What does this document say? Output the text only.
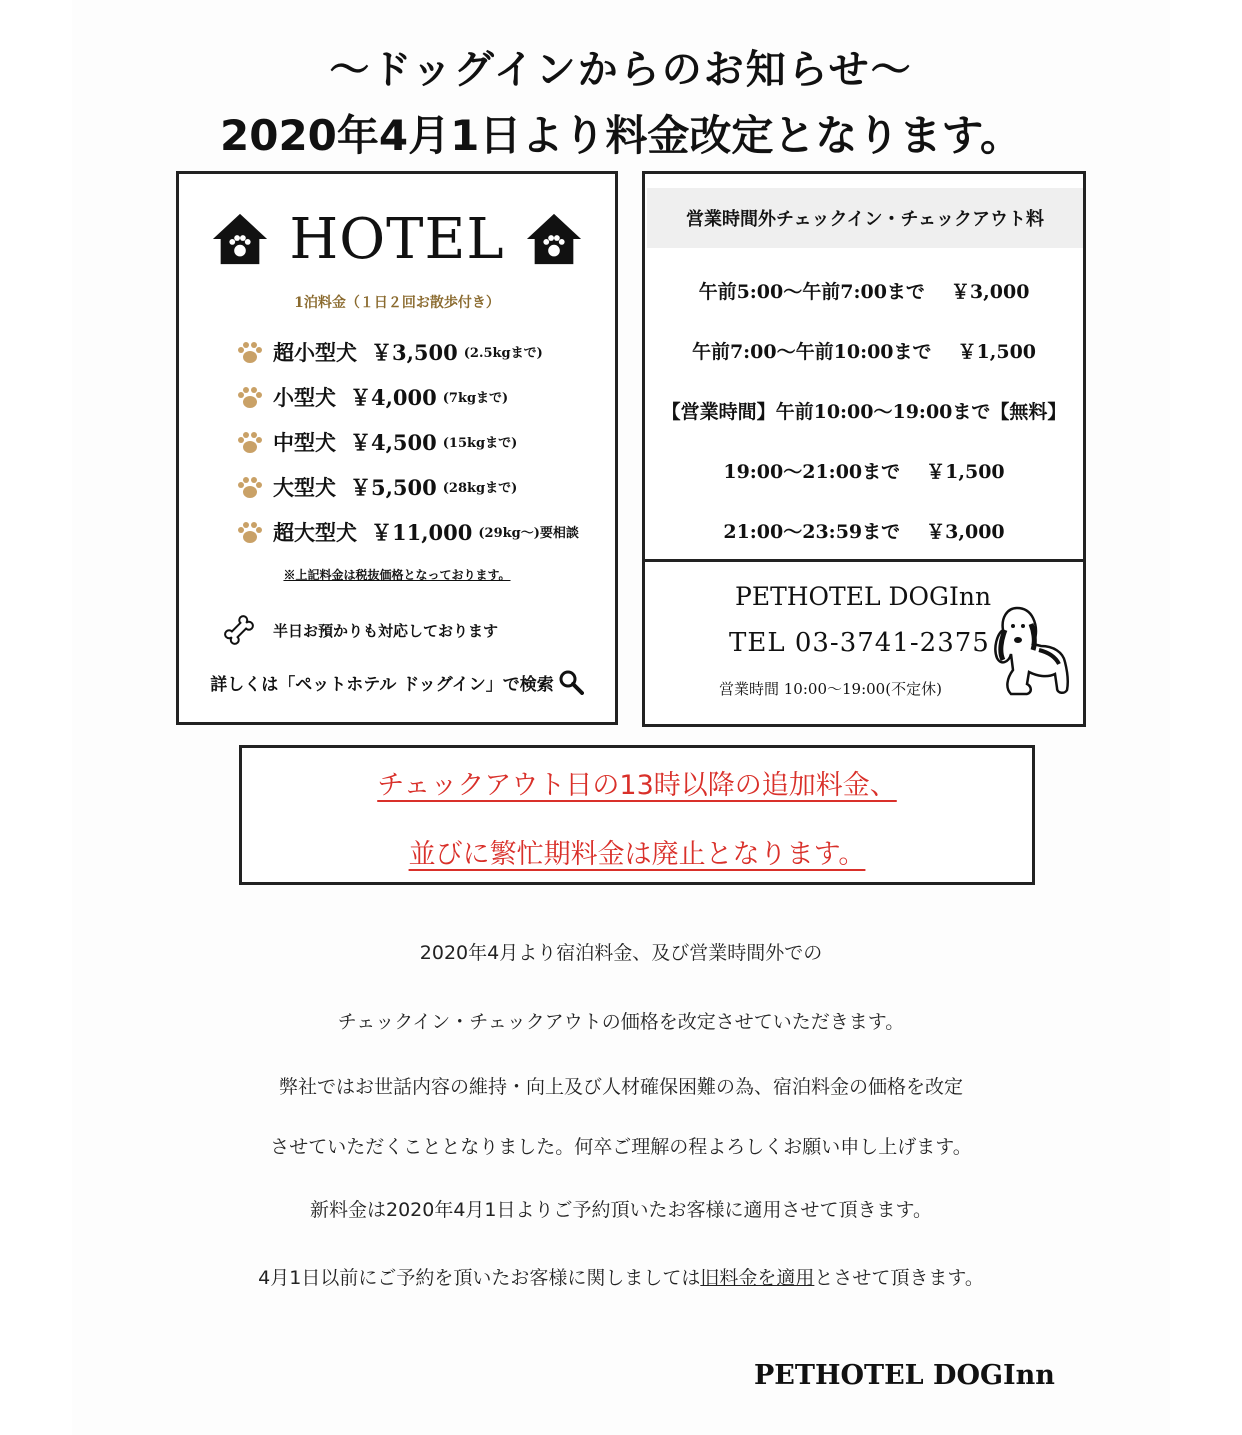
〜ドッグインからのお知らせ〜
2020年4月1日より料金改定となります。
HOTEL
1泊料金（１日２回お散歩付き）
超小型犬 ￥3,500 (2.5kgまで)
小型犬 ￥4,000 (7kgまで)
中型犬 ￥4,500 (15kgまで)
大型犬 ￥5,500 (28kgまで)
超大型犬 ￥11,000 (29kg〜)要相談
※上記料金は税抜価格となっております。
半日お預かりも対応しております
詳しくは「ペットホテル ドッグイン」で検索
営業時間外チェックイン・チェックアウト料
午前5:00〜午前7:00まで ￥3,000
午前7:00〜午前10:00まで ￥1,500
【営業時間】午前10:00〜19:00まで 【無料】
19:00〜21:00まで ￥1,500
21:00〜23:59まで ￥3,000
PETHOTEL DOGInn
TEL 03-3741-2375
営業時間 10:00〜19:00(不定休)
チェックアウト日の13時以降の追加料金、
並びに繁忙期料金は廃止となります。
2020年4月より宿泊料金、及び営業時間外での
チェックイン・チェックアウトの価格を改定させていただきます。
弊社ではお世話内容の維持・向上及び人材確保困難の為、宿泊料金の価格を改定
させていただくこととなりました。何卒ご理解の程よろしくお願い申し上げます。
新料金は2020年4月1日よりご予約頂いたお客様に適用させて頂きます。
4月1日以前にご予約を頂いたお客様に関しましては旧料金を適用とさせて頂きます。
PETHOTEL DOGInn
